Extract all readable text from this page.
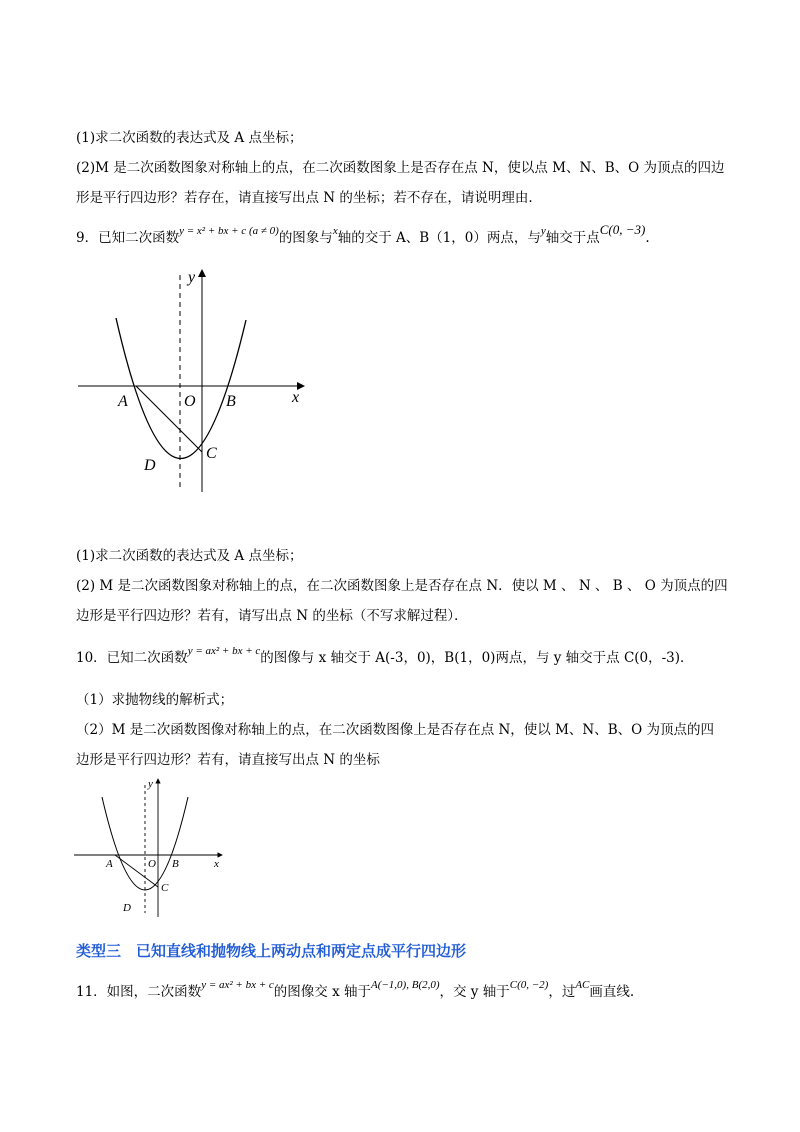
(1)求二次函数的表达式及 A 点坐标；
(2)M 是二次函数图象对称轴上的点，在二次函数图象上是否存在点 N，使以点 M、N、B、O 为顶点的四边
形是平行四边形？若存在，请直接写出点 N 的坐标；若不存在，请说明理由.
9．已知二次函数$^{y = x^2 + bx + c (a \ne 0)}$的图象与$^x$轴的交于 A、B（1，0）两点，与$^y$轴交于点C(0, −3).
y
x
A	O B
C
D
(1)求二次函数的表达式及 A 点坐标；
(2) M 是二次函数图象对称轴上的点，在二次函数图象上是否存在点 N．使以 M 、 N 、 B 、 O 为顶点的四
边形是平行四边形？若有，请写出点 N 的坐标（不写求解过程）．
10．已知二次函数$^{y = ax^2 + bx + c}$的图像与 x 轴交于 A(-3，0)，B(1，0)两点，与 y 轴交于点 C(0，-3)．
（1）求抛物线的解析式；
（2）M 是二次函数图像对称轴上的点，在二次函数图像上是否存在点 N，使以 M、N、B、O 为顶点的四
边形是平行四边形？若有，请直接写出点 N 的坐标
y
x
A	O B
C
D
类型三　已知直线和抛物线上两动点和两定点成平行四边形
11．如图，二次函数$^{y = ax^2 + bx + c}$的图像交 x 轴于$^{A(-1,0), B(2,0)}$，交 y 轴于$^{C(0, -2)}$，过$^{AC}$画直线.
